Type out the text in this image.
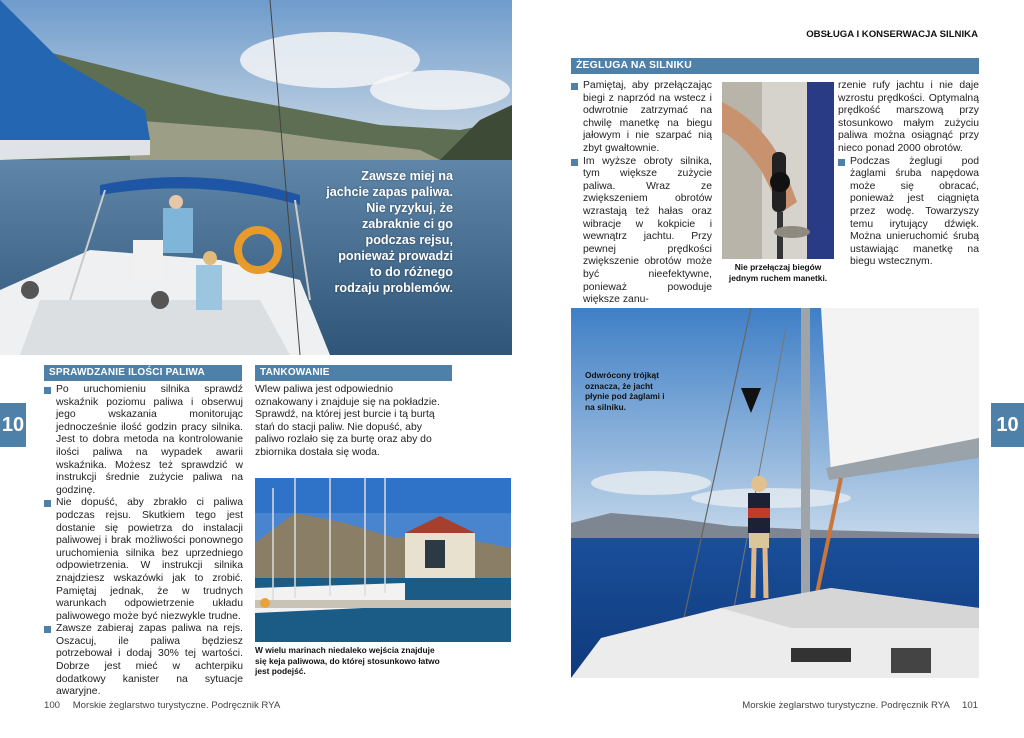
Zawsze miej na jachcie zapas paliwa. Nie ryzykuj, że zabraknie ci go podczas rejsu, ponieważ prowadzi to do różnego rodzaju problemów.
SPRAWDZANIE ILOŚCI PALIWA
Po uruchomieniu silnika sprawdź wskaźnik poziomu paliwa i obserwuj jego wskazania monitorując jednocześnie ilość godzin pracy silnika. Jest to dobra metoda na kontrolowanie ilości paliwa na wypadek awarii wskaźnika. Możesz też sprawdzić w instrukcji średnie zużycie paliwa na godzinę.
Nie dopuść, aby zbrakło ci paliwa podczas rejsu. Skutkiem tego jest dostanie się powietrza do instalacji paliwowej i brak możliwości ponownego uruchomienia silnika bez uprzedniego odpowietrzenia. W instrukcji silnika znajdziesz wskazówki jak to zrobić. Pamiętaj jednak, że w trudnych warunkach odpowietrzenie układu paliwowego może być niezwykle trudne.
Zawsze zabieraj zapas paliwa na rejs. Oszacuj, ile paliwa będziesz potrzebował i dodaj 30% tej wartości. Dobrze jest mieć w achterpiku dodatkowy kanister na sytuacje awaryjne.
TANKOWANIE

Wlew paliwa jest odpowiednio oznakowany i znajduje się na pokładzie. Sprawdź, na której jest burcie i tą burtą stań do stacji paliw. Nie dopuść, aby paliwo rozlało się za burtę oraz aby do zbiornika dostała się woda.

W wielu marinach niedaleko wejścia znajduje się keja paliwowa, do której stosunkowo łatwo jest podejść.
10
100 Morskie żeglarstwo turystyczne. Podręcznik RYA
OBSŁUGA I KONSERWACJA SILNIKA
ŻEGLUGA NA SILNIKU
Pamiętaj, aby przełączając biegi z naprzód na wstecz i odwrotnie zatrzymać na chwilę manetkę na biegu jałowym i nie szarpać nią zbyt gwałtownie.
Im wyższe obroty silnika, tym większe zużycie paliwa. Wraz ze zwiększeniem obrotów wzrastają też hałas oraz wibracje w kokpicie i wewnątrz jachtu. Przy pewnej prędkości zwiększenie obrotów może być nieefektywne, ponieważ powoduje większe zanu-
Nie przełączaj biegów jednym ruchem manetki.

rzenie rufy jachtu i nie daje wzrostu prędkości. Optymalną prędkość marszową przy stosunkowo małym zużyciu paliwa można osiągnąć przy nieco ponad 2000 obrotów.

Podczas żeglugi pod żaglami śruba napędowa może się obracać, ponieważ jest ciągnięta przez wodę. Towarzyszy temu irytujący dźwięk. Można unieruchomić śrubą ustawiając manetkę na biegu wstecznym.
Odwrócony trójkąt oznacza, że jacht płynie pod żaglami i na silniku.
10
Morskie żeglarstwo turystyczne. Podręcznik RYA 101
